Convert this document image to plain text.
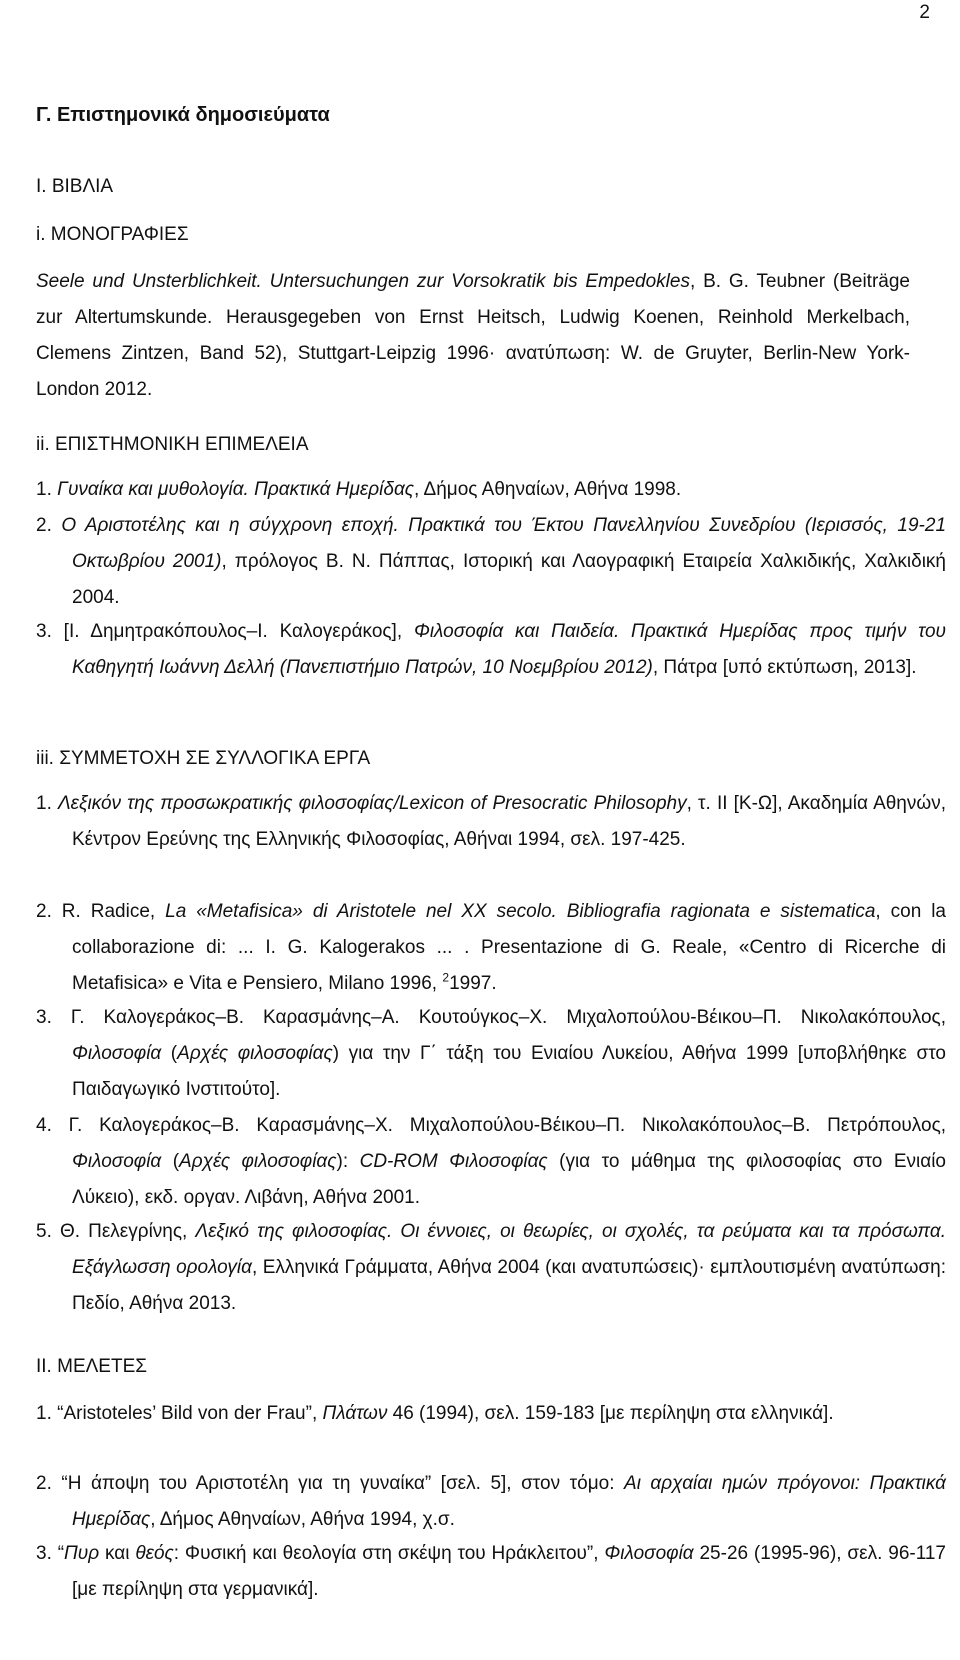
2
Γ. Επιστημονικά δημοσιεύματα
Ι. ΒΙΒΛΙΑ
i. ΜΟΝΟΓΡΑΦΙΕΣ
Seele und Unsterblichkeit. Untersuchungen zur Vorsokratik bis Empedokles, B. G. Teubner (Beiträge zur Altertumskunde. Herausgegeben von Ernst Heitsch, Ludwig Koenen, Reinhold Merkelbach, Clemens Zintzen, Band 52), Stuttgart-Leipzig 1996· ανατύπωση: W. de Gruyter, Berlin-New York-London 2012.
ii. ΕΠΙΣΤΗΜΟΝΙΚΗ ΕΠΙΜΕΛΕΙΑ
1. Γυναίκα και μυθολογία. Πρακτικά Ημερίδας, Δήμος Αθηναίων, Αθήνα 1998.
2. Ο Αριστοτέλης και η σύγχρονη εποχή. Πρακτικά του Έκτου Πανελληνίου Συνεδρίου (Ιερισσός, 19-21 Οκτωβρίου 2001), πρόλογος Β. Ν. Πάππας, Ιστορική και Λαογραφική Εταιρεία Χαλκιδικής, Χαλκιδική 2004.
3. [Ι. Δημητρακόπουλος–Ι. Καλογεράκος], Φιλοσοφία και Παιδεία. Πρακτικά Ημερίδας προς τιμήν του Καθηγητή Ιωάννη Δελλή (Πανεπιστήμιο Πατρών, 10 Νοεμβρίου 2012), Πάτρα [υπό εκτύπωση, 2013].
iii. ΣΥΜΜΕΤΟΧΗ ΣΕ ΣΥΛΛΟΓΙΚΑ ΕΡΓΑ
1. Λεξικόν της προσωκρατικής φιλοσοφίας/Lexicon of Presocratic Philosophy, τ. ΙΙ [Κ-Ω], Ακαδημία Αθηνών, Κέντρον Ερεύνης της Ελληνικής Φιλοσοφίας, Αθήναι 1994, σελ. 197-425.
2. R. Radice, La «Metafisica» di Aristotele nel XX secolo. Bibliografia ragionata e sistematica, con la collaborazione di: ... I. G. Kalogerakos ... . Presentazione di G. Reale, «Centro di Ricerche di Metafisica» e Vita e Pensiero, Milano 1996, $^2$1997.
3. Γ. Καλογεράκος–Β. Καρασμάνης–Α. Κουτούγκος–Χ. Μιχαλοπούλου-Βέικου–Π. Νικολακόπουλος, Φιλοσοφία (Αρχές φιλοσοφίας) για την Γ΄ τάξη του Ενιαίου Λυκείου, Αθήνα 1999 [υποβλήθηκε στο Παιδαγωγικό Ινστιτούτο].
4. Γ. Καλογεράκος–Β. Καρασμάνης–Χ. Μιχαλοπούλου-Βέικου–Π. Νικολακόπουλος–Β. Πετρόπουλος, Φιλοσοφία (Αρχές φιλοσοφίας): CD-ROM Φιλοσοφίας (για το μάθημα της φιλοσοφίας στο Ενιαίο Λύκειο), εκδ. οργαν. Λιβάνη, Αθήνα 2001.
5. Θ. Πελεγρίνης, Λεξικό της φιλοσοφίας. Οι έννοιες, οι θεωρίες, οι σχολές, τα ρεύματα και τα πρόσωπα. Εξάγλωσση ορολογία, Ελληνικά Γράμματα, Αθήνα 2004 (και ανατυπώσεις)· εμπλουτισμένη ανατύπωση: Πεδίο, Αθήνα 2013.
ΙΙ. ΜΕΛΕΤΕΣ
1. “Aristoteles’ Bild von der Frau”, Πλάτων 46 (1994), σελ. 159-183 [με περίληψη στα ελληνικά].
2. “Η άποψη του Αριστοτέλη για τη γυναίκα” [σελ. 5], στον τόμο: Αι αρχαίαι ημών πρόγονοι: Πρακτικά Ημερίδας, Δήμος Αθηναίων, Αθήνα 1994, χ.σ.
3. “Πυρ και θεός: Φυσική και θεολογία στη σκέψη του Ηράκλειτου”, Φιλοσοφία 25-26 (1995-96), σελ. 96-117 [με περίληψη στα γερμανικά].
